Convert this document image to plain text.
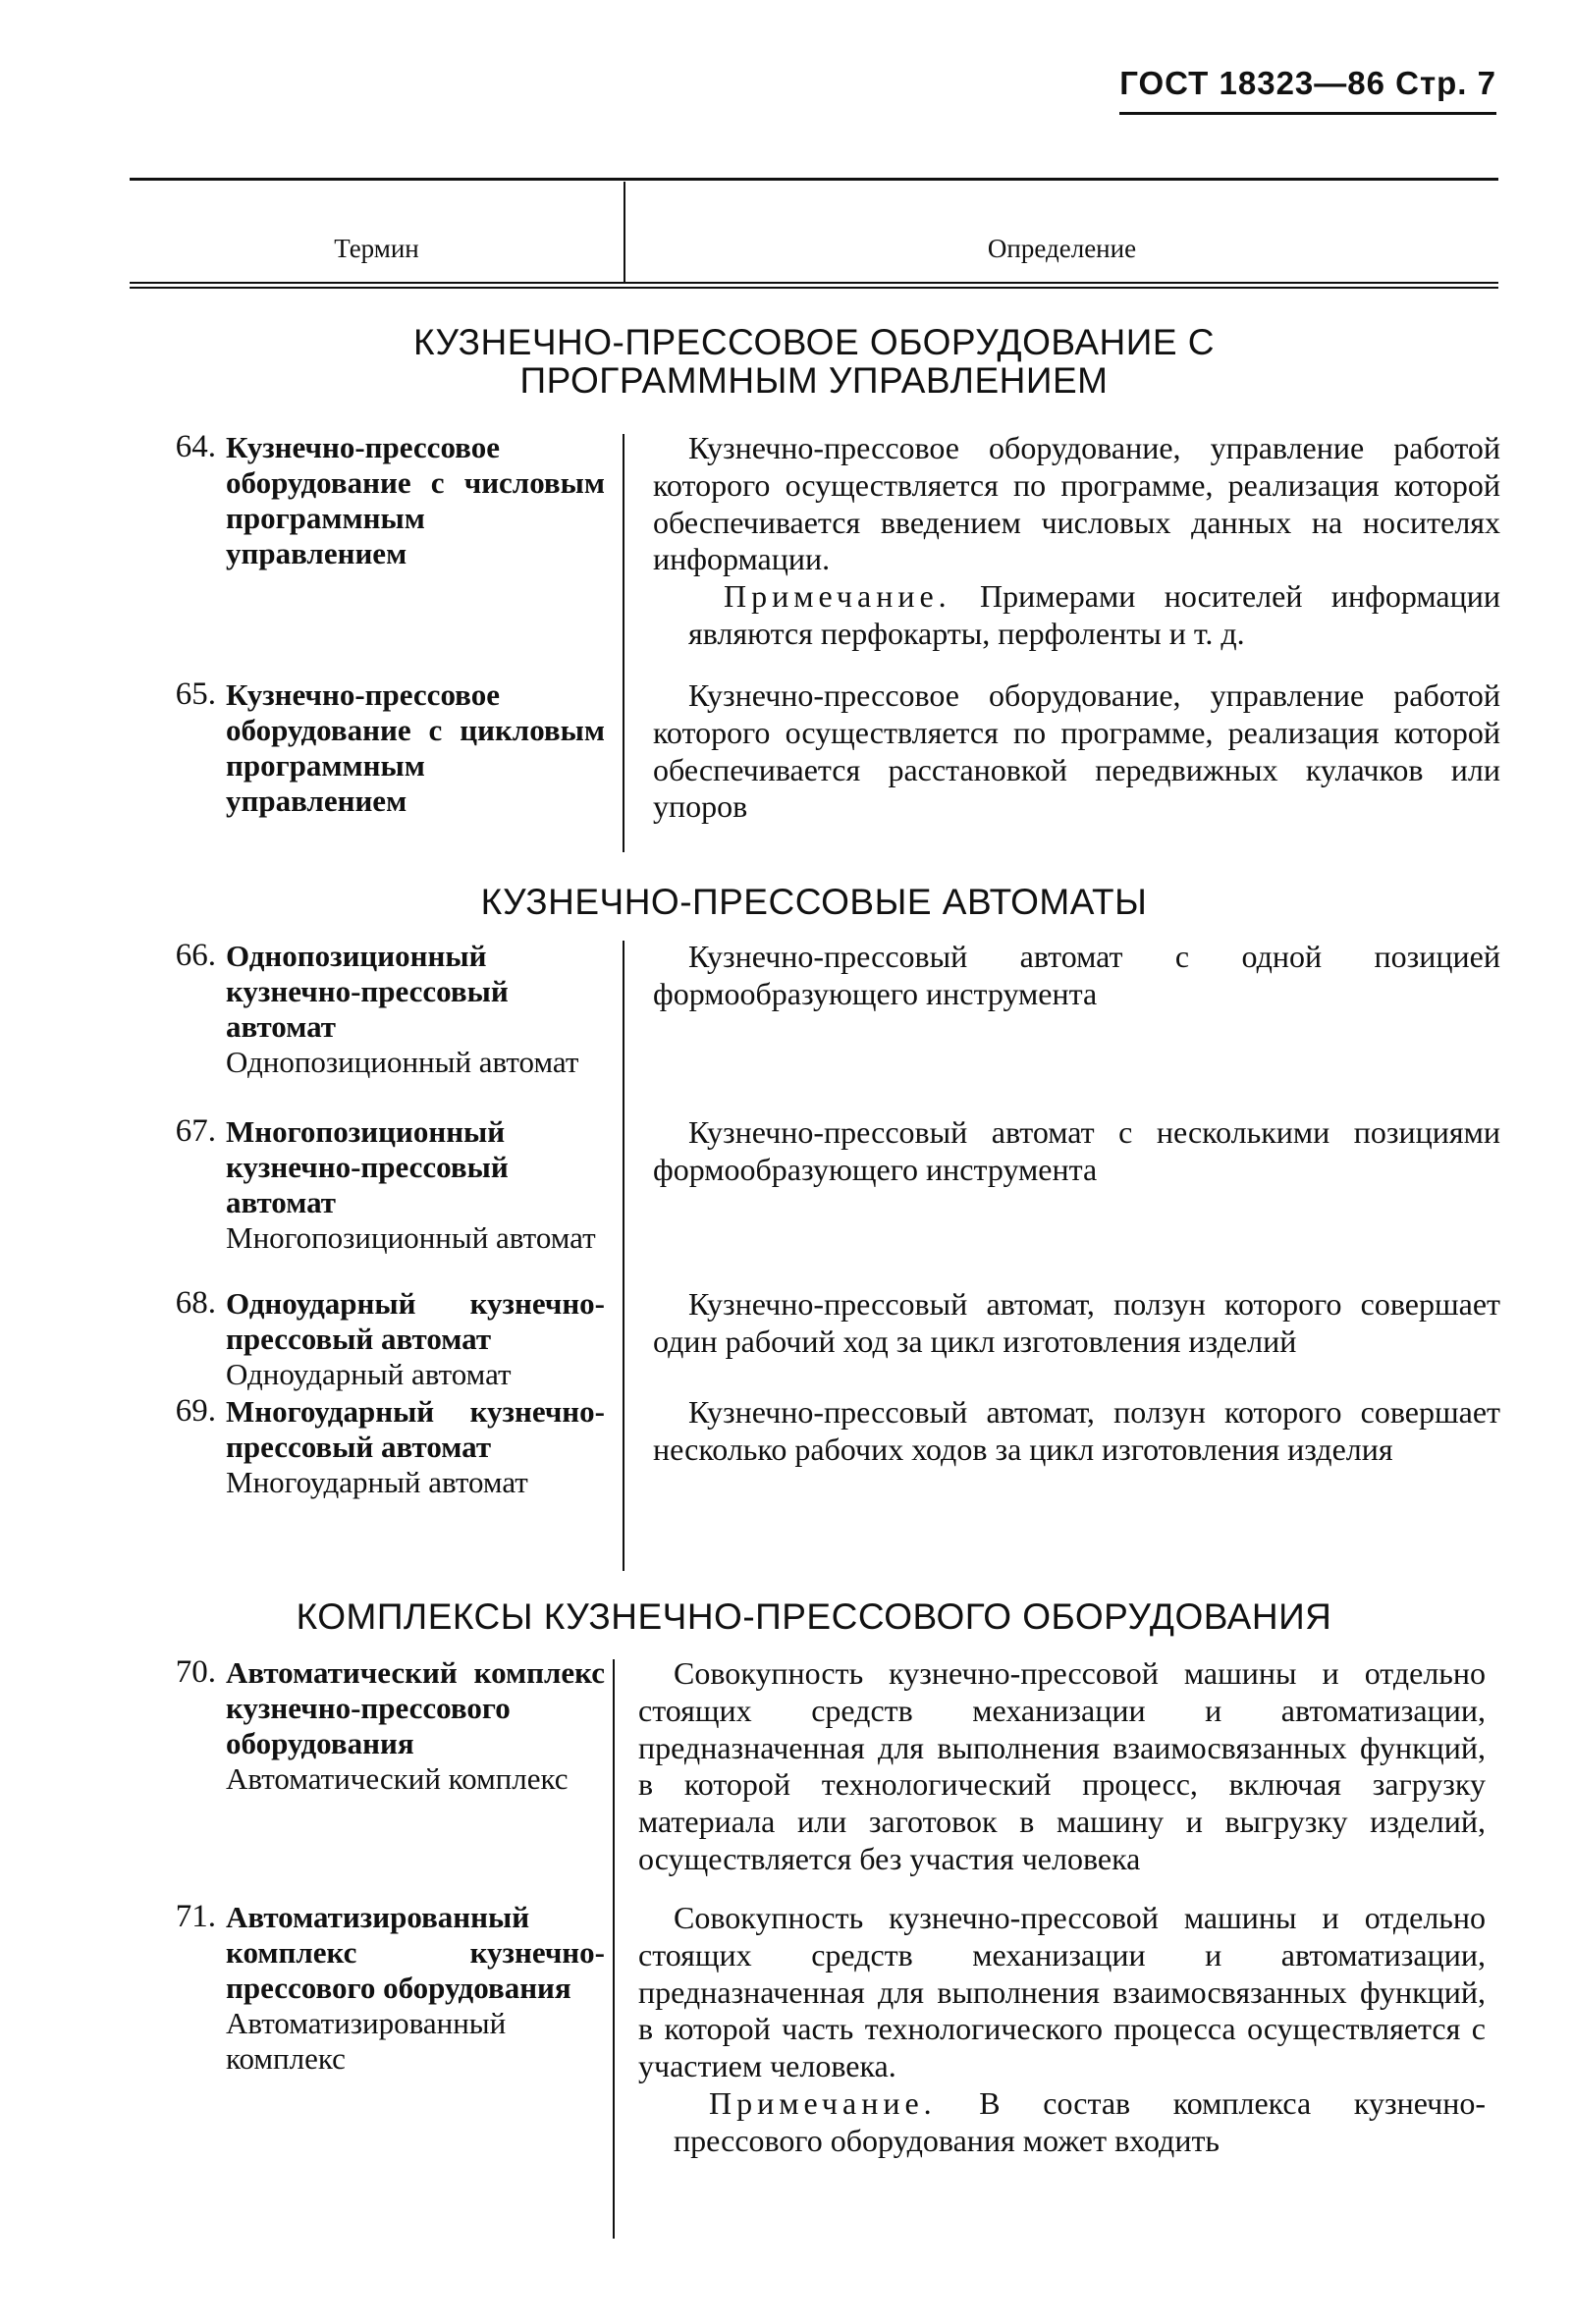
ГОСТ 18323—86 Стр. 7
Термин	Определение
КУЗНЕЧНО-ПРЕССОВОЕ ОБОРУДОВАНИЕ С ПРОГРАММНЫМ УПРАВЛЕНИЕМ
64. Кузнечно-прессовое оборудование с числовым программным управлением

Кузнечно-прессовое оборудование, управление работой которого осуществляется по программе, реализация которой обеспечивается введением числовых данных на носителях информации.

Примечание. Примерами носителей информации являются перфокарты, перфоленты и т. д.

65. Кузнечно-прессовое оборудование с цикловым программным управлением

Кузнечно-прессовое оборудование, управление работой которого осуществляется по программе, реализация которой обеспечивается расстановкой передвижных кулачков или упоров

КУЗНЕЧНО-ПРЕССОВЫЕ АВТОМАТЫ
66. Однопозиционный кузнечно-прессовый автомат
Однопозиционный автомат

Кузнечно-прессовый автомат с одной позицией формообразующего инструмента

67. Многопозиционный кузнечно-прессовый автомат
Многопозиционный автомат

Кузнечно-прессовый автомат с несколькими позициями формообразующего инструмента

68. Одноударный кузнечно-прессовый автомат
Одноударный автомат

Кузнечно-прессовый автомат, ползун которого совершает один рабочий ход за цикл изготовления изделий

69. Многоударный кузнечно-прессовый автомат
Многоударный автомат

Кузнечно-прессовый автомат, ползун которого совершает несколько рабочих ходов за цикл изготовления изделия

КОМПЛЕКСЫ КУЗНЕЧНО-ПРЕССОВОГО ОБОРУДОВАНИЯ
70. Автоматический комплекс кузнечно-прессового оборудования
Автоматический комплекс

Совокупность кузнечно-прессовой машины и отдельно стоящих средств механизации и автоматизации, предназначенная для выполнения взаимосвязанных функций, в которой технологический процесс, включая загрузку материала или заготовок в машину и выгрузку изделий, осуществляется без участия человека

71. Автоматизированный комплекс кузнечно-прессового оборудования
Автоматизированный комплекс

Совокупность кузнечно-прессовой машины и отдельно стоящих средств механизации и автоматизации, предназначенная для выполнения взаимосвязанных функций, в которой часть технологического процесса осуществляется с участием человека.

Примечание. В состав комплекса кузнечно-прессового оборудования может входить
